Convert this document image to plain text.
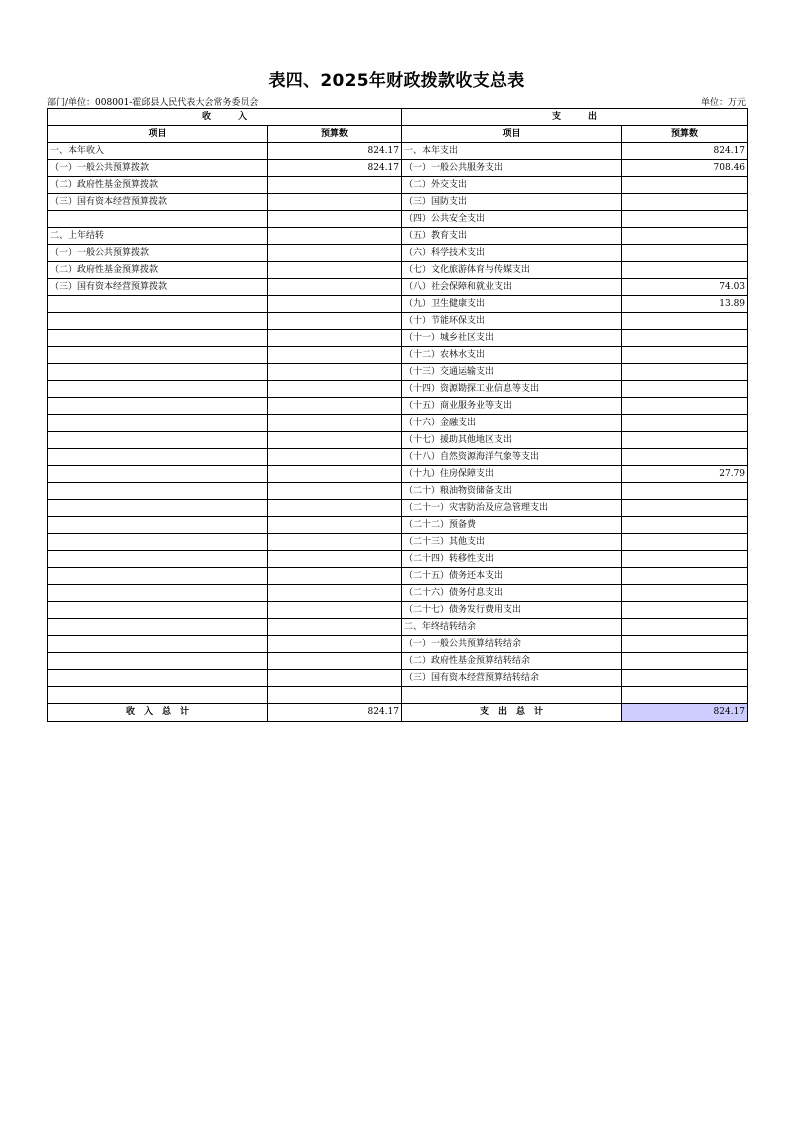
表四、2025年财政拨款收支总表
部门/单位：008001-霍邱县人民代表大会常务委员会	单位：万元
收　　　入		支　　　出	
项目	预算数	项目	预算数
一、本年收入	824.17	一、本年支出	824.17
（一）一般公共预算拨款	824.17	（一）一般公共服务支出	708.46
（二）政府性基金预算拨款		（二）外交支出	
（三）国有资本经营预算拨款		（三）国防支出	
		（四）公共安全支出	
二、上年结转		（五）教育支出	
（一）一般公共预算拨款		（六）科学技术支出	
（二）政府性基金预算拨款		（七）文化旅游体育与传媒支出	
（三）国有资本经营预算拨款		（八）社会保障和就业支出	74.03
		（九）卫生健康支出	13.89
		（十）节能环保支出	
		（十一）城乡社区支出	
		（十二）农林水支出	
		（十三）交通运输支出	
		（十四）资源勘探工业信息等支出	
		（十五）商业服务业等支出	
		（十六）金融支出	
		（十七）援助其他地区支出	
		（十八）自然资源海洋气象等支出	
		（十九）住房保障支出	27.79
		（二十）粮油物资储备支出	
		（二十一）灾害防治及应急管理支出	
		（二十二）预备费	
		（二十三）其他支出	
		（二十四）转移性支出	
		（二十五）债务还本支出	
		（二十六）债务付息支出	
		（二十七）债务发行费用支出	
		二、年终结转结余	
		（一）一般公共预算结转结余	
		（二）政府性基金预算结转结余	
		（三）国有资本经营预算结转结余	

收　入　总　计	824.17	支　出　总　计	824.17
